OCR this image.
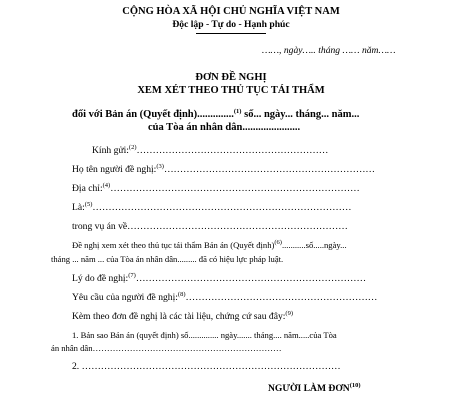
CỘNG HÒA XÃ HỘI CHỦ NGHĨA VIỆT NAM
Độc lập - Tự do - Hạnh phúc
……, ngày….. tháng …… năm……
ĐƠN ĐỀ NGHỊ
XEM XÉT THEO THỦ TỤC TÁI THẨM
đối với Bản án (Quyết định)..............$^{(1)}$ số... ngày... tháng... năm...
của Tòa án nhân dân......................
Kính gửi:$^{(2)}$……………………………………………………
Họ tên người đề nghị:$^{(3)}$…………………………………………………………
Địa chỉ:$^{(4)}$……………………………………………………………………
Là:$^{(5)}$………………………………………………………………………
trong vụ án về……………………………………………………………
Đề nghị xem xét theo thủ tục tái thẩm Bản án (Quyết định)$^{(6)}$...........số.....ngày...
tháng ... năm ... của Tòa án nhân dân......... đã có hiệu lực pháp luật.
Lý do đề nghị:$^{(7)}$………………………………………………………………
Yêu cầu của người đề nghị:$^{(8)}$……………………………………………………
Kèm theo đơn đề nghị là các tài liệu, chứng cứ sau đây:$^{(9)}$
1. Bản sao Bản án (quyết định) số.............. ngày....... tháng.... năm.....của Tòa
án nhân dân…………………………………………………………
2. ………………………………………………………………………
NGƯỜI LÀM ĐƠN$^{(10)}$
